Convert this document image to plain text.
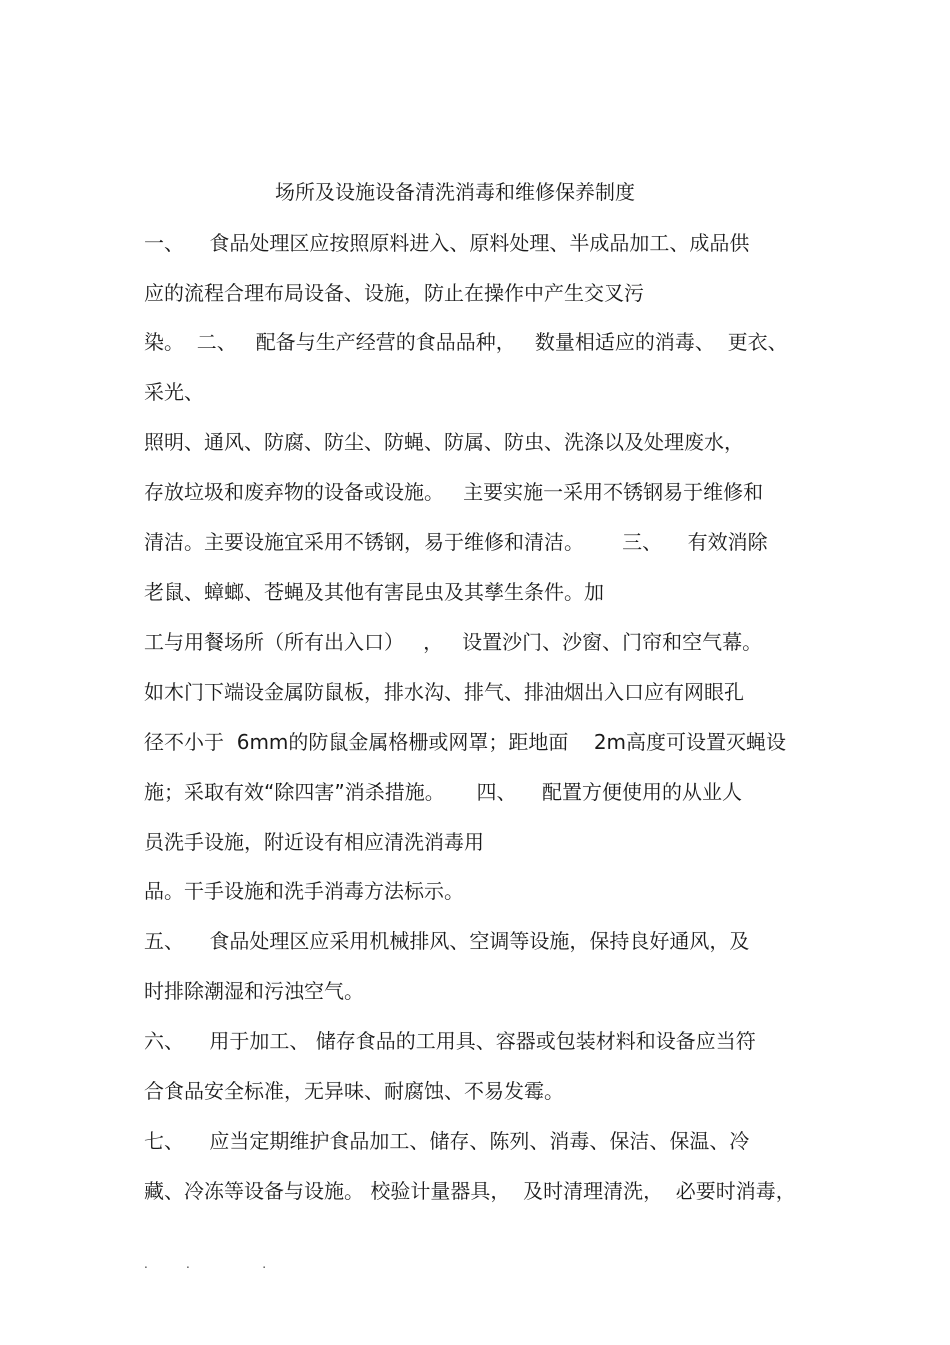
场所及设施设备清洗消毒和维修保养制度
一、    食品处理区应按照原料进入、原料处理、半成品加工、成品供
应的流程合理布局设备、设施，防止在操作中产生交叉污
染。  二、   配备与生产经营的食品品种，   数量相适应的消毒、  更衣、
采光、
照明、通风、防腐、防尘、防蝇、防属、防虫、洗涤以及处理废水，
存放垃圾和废弃物的设备或设施。   主要实施一采用不锈钢易于维修和
清洁。主要设施宜采用不锈钢，易于维修和清洁。      三、    有效消除
老鼠、蟑螂、苍蝇及其他有害昆虫及其孳生条件。加
工与用餐场所（所有出入口）   ，   设置沙门、沙窗、门帘和空气幕。
如木门下端设金属防鼠板，排水沟、排气、排油烟出入口应有网眼孔
径不小于  6mm的防鼠金属格栅或网罩；距地面    2m高度可设置灭蝇设
施；采取有效“除四害”消杀措施。     四、    配置方便使用的从业人
员洗手设施，附近设有相应清洗消毒用
品。干手设施和洗手消毒方法标示。
五、    食品处理区应采用机械排风、空调等设施，保持良好通风，及
时排除潮湿和污浊空气。
六、    用于加工、 储存食品的工用具、容器或包装材料和设备应当符
合食品安全标准，无异味、耐腐蚀、不易发霉。
七、    应当定期维护食品加工、储存、陈列、消毒、保洁、保温、冷
藏、冷冻等设备与设施。 校验计量器具，  及时清理清洗，  必要时消毒，
.          .                   .
